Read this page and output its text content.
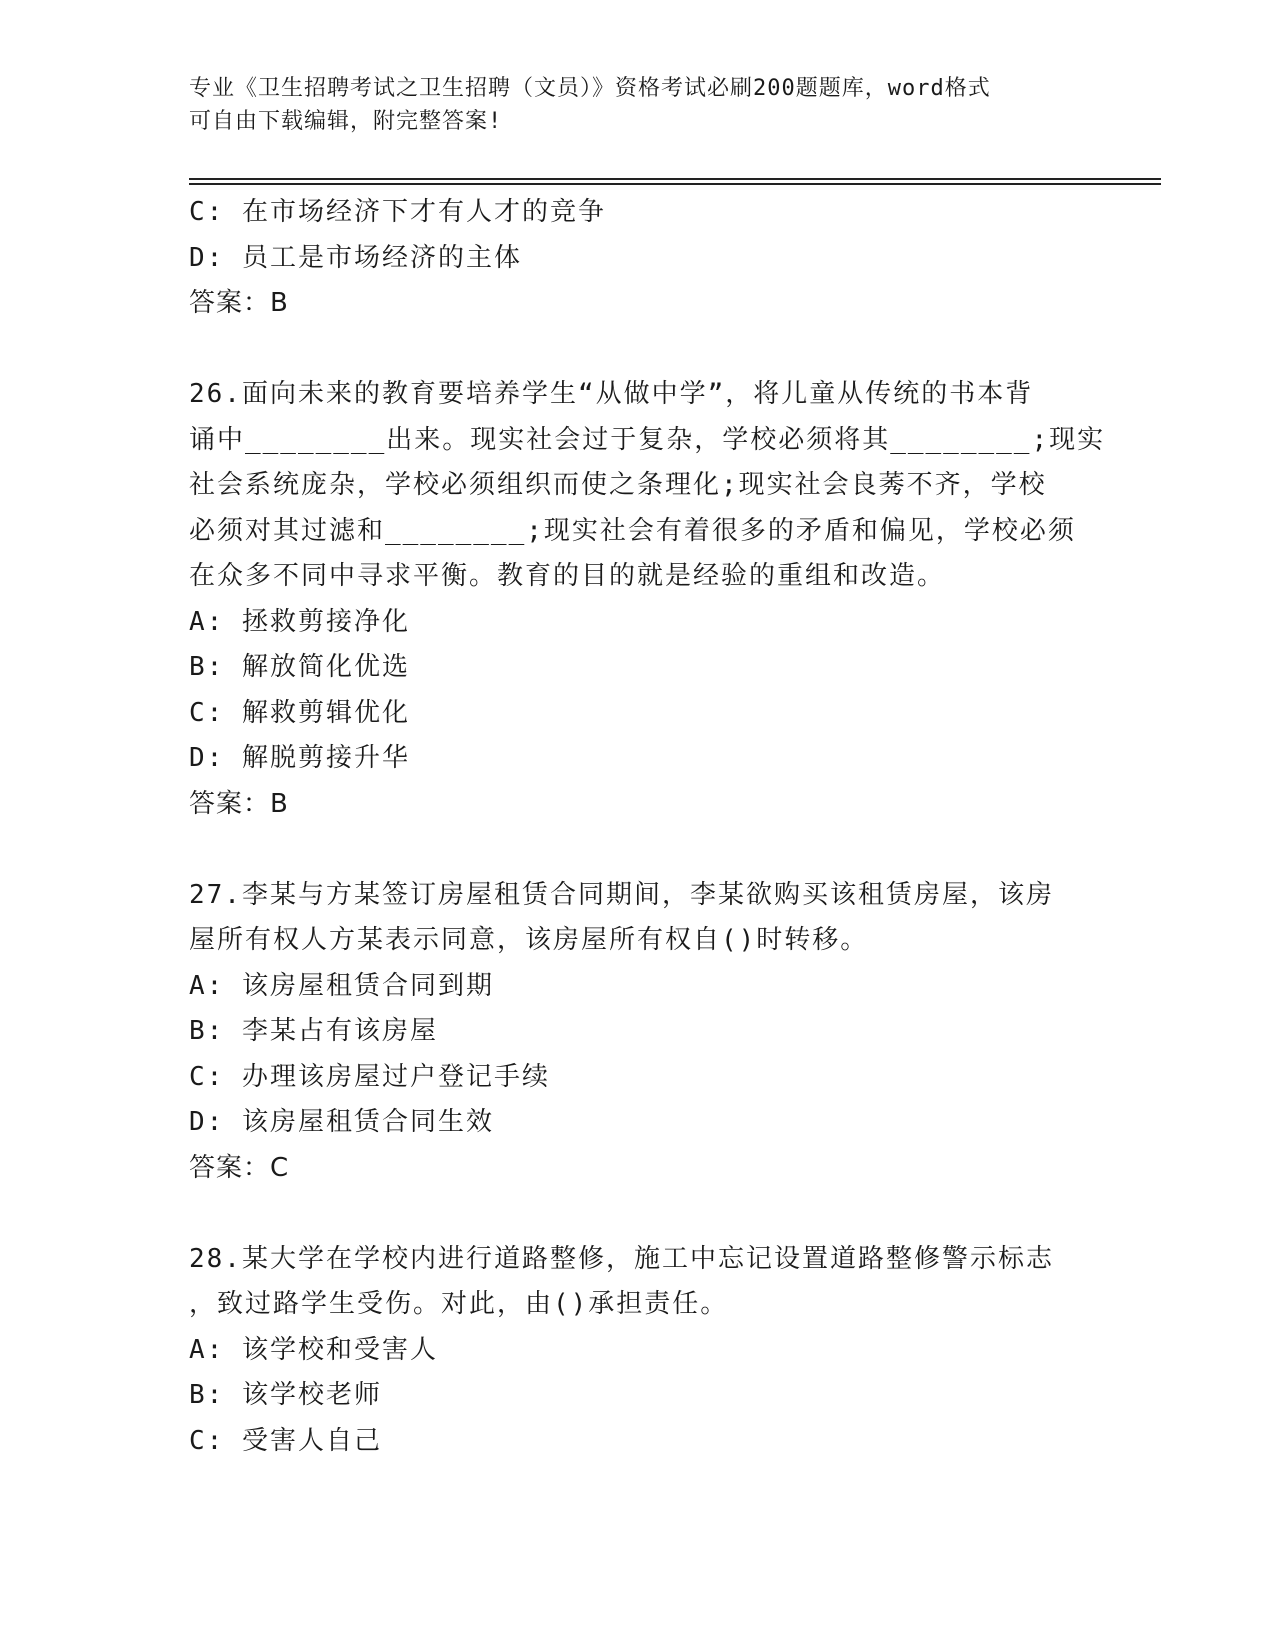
专业《卫生招聘考试之卫生招聘（文员）》资格考试必刷200题题库，word格式
可自由下载编辑，附完整答案!
C: 在市场经济下才有人才的竞争
D: 员工是市场经济的主体
答案：B
26.面向未来的教育要培养学生“从做中学”，将儿童从传统的书本背
诵中________出来。现实社会过于复杂，学校必须将其________;现实
社会系统庞杂，学校必须组织而使之条理化;现实社会良莠不齐，学校
必须对其过滤和________;现实社会有着很多的矛盾和偏见，学校必须
在众多不同中寻求平衡。教育的目的就是经验的重组和改造。
A: 拯救剪接净化
B: 解放简化优选
C: 解救剪辑优化
D: 解脱剪接升华
答案：B
27.李某与方某签订房屋租赁合同期间，李某欲购买该租赁房屋，该房
屋所有权人方某表示同意，该房屋所有权自()时转移。
A: 该房屋租赁合同到期
B: 李某占有该房屋
C: 办理该房屋过户登记手续
D: 该房屋租赁合同生效
答案：C
28.某大学在学校内进行道路整修，施工中忘记设置道路整修警示标志
，致过路学生受伤。对此，由()承担责任。
A: 该学校和受害人
B: 该学校老师
C: 受害人自己
